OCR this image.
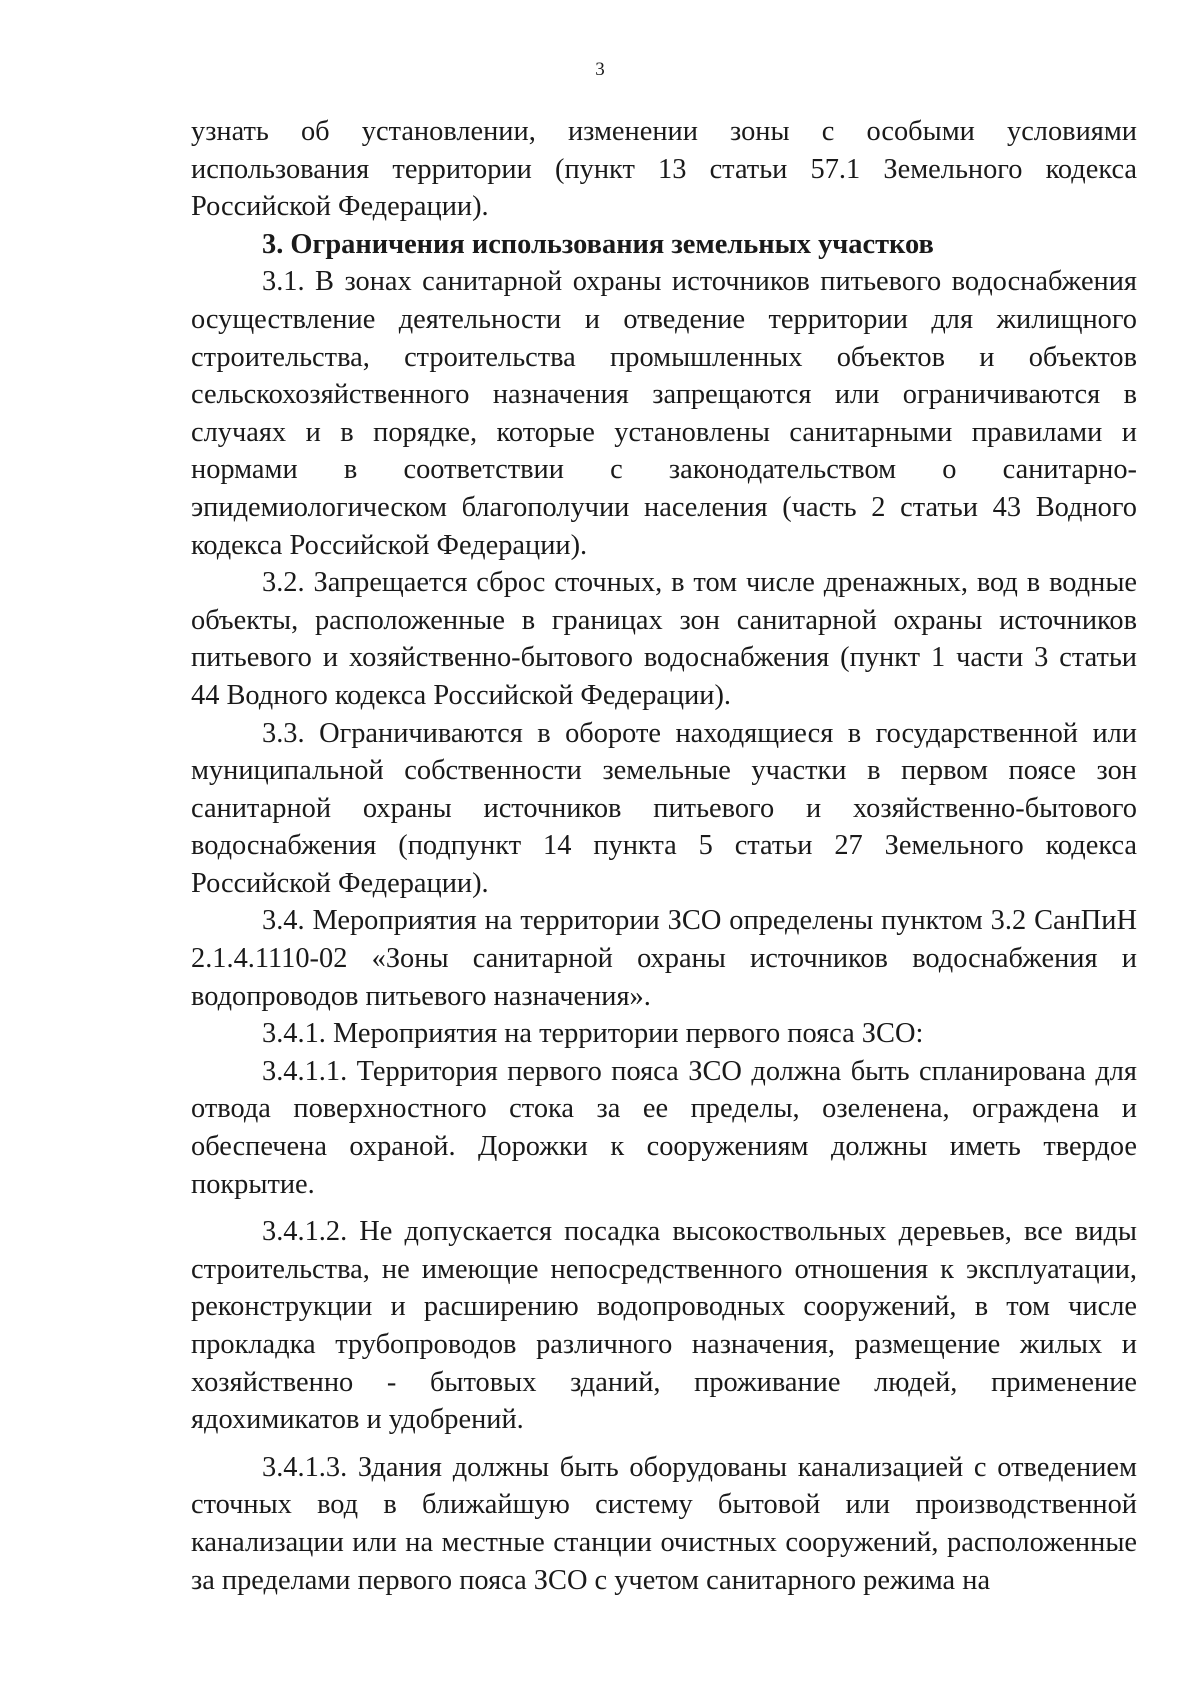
3

узнать об установлении, изменении зоны с особыми условиями использования территории (пункт 13 статьи 57.1 Земельного кодекса Российской Федерации).

3. Ограничения использования земельных участков

3.1. В зонах санитарной охраны источников питьевого водоснабжения осуществление деятельности и отведение территории для жилищного строительства, строительства промышленных объектов и объектов сельскохозяйственного назначения запрещаются или ограничиваются в случаях и в порядке, которые установлены санитарными правилами и нормами в соответствии с законодательством о санитарно-эпидемиологическом благополучии населения (часть 2 статьи 43 Водного кодекса Российской Федерации).

3.2. Запрещается сброс сточных, в том числе дренажных, вод в водные объекты, расположенные в границах зон санитарной охраны источников питьевого и хозяйственно-бытового водоснабжения (пункт 1 части 3 статьи 44 Водного кодекса Российской Федерации).

3.3. Ограничиваются в обороте находящиеся в государственной или муниципальной собственности земельные участки в первом поясе зон санитарной охраны источников питьевого и хозяйственно-бытового водоснабжения (подпункт 14 пункта 5 статьи 27 Земельного кодекса Российской Федерации).

3.4. Мероприятия на территории ЗСО определены пунктом 3.2 СанПиН 2.1.4.1110-02 «Зоны санитарной охраны источников водоснабжения и водопроводов питьевого назначения».

3.4.1. Мероприятия на территории первого пояса ЗСО:

3.4.1.1. Территория первого пояса ЗСО должна быть спланирована для отвода поверхностного стока за ее пределы, озеленена, ограждена и обеспечена охраной. Дорожки к сооружениям должны иметь твердое покрытие.

3.4.1.2. Не допускается посадка высокоствольных деревьев, все виды строительства, не имеющие непосредственного отношения к эксплуатации, реконструкции и расширению водопроводных сооружений, в том числе прокладка трубопроводов различного назначения, размещение жилых и хозяйственно - бытовых зданий, проживание людей, применение ядохимикатов и удобрений.

3.4.1.3. Здания должны быть оборудованы канализацией с отведением сточных вод в ближайшую систему бытовой или производственной канализации или на местные станции очистных сооружений, расположенные за пределами первого пояса ЗСО с учетом санитарного режима на
